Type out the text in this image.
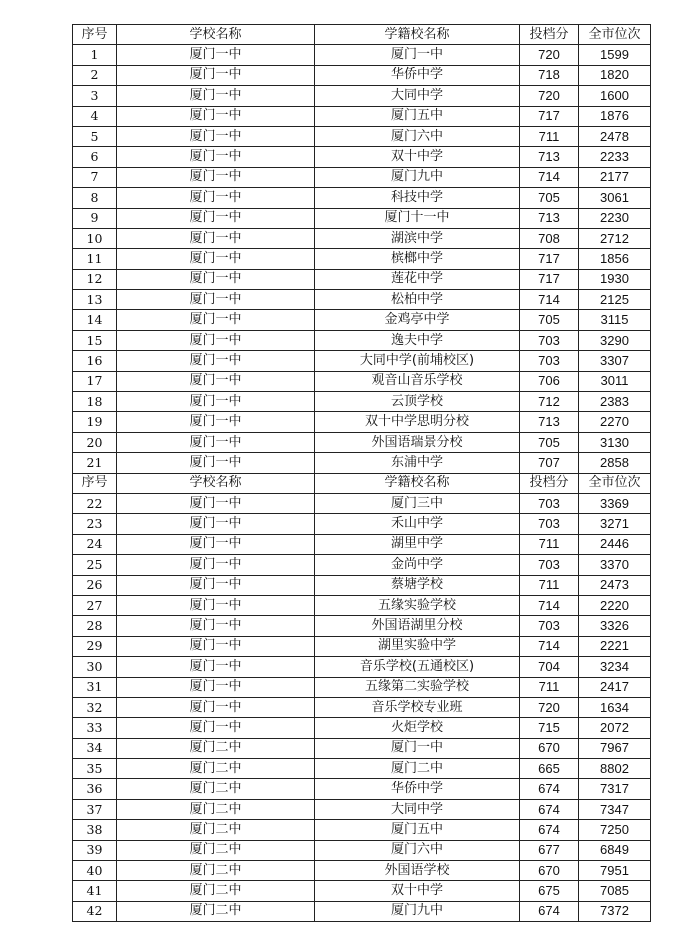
序号	学校名称	学籍校名称	投档分	全市位次
1	厦门一中	厦门一中	720	1599
2	厦门一中	华侨中学	718	1820
3	厦门一中	大同中学	720	1600
4	厦门一中	厦门五中	717	1876
5	厦门一中	厦门六中	711	2478
6	厦门一中	双十中学	713	2233
7	厦门一中	厦门九中	714	2177
8	厦门一中	科技中学	705	3061
9	厦门一中	厦门十一中	713	2230
10	厦门一中	湖滨中学	708	2712
11	厦门一中	槟榔中学	717	1856
12	厦门一中	莲花中学	717	1930
13	厦门一中	松柏中学	714	2125
14	厦门一中	金鸡亭中学	705	3115
15	厦门一中	逸夫中学	703	3290
16	厦门一中	大同中学(前埔校区)	703	3307
17	厦门一中	观音山音乐学校	706	3011
18	厦门一中	云顶学校	712	2383
19	厦门一中	双十中学思明分校	713	2270
20	厦门一中	外国语瑞景分校	705	3130
21	厦门一中	东浦中学	707	2858
序号	学校名称	学籍校名称	投档分	全市位次
22	厦门一中	厦门三中	703	3369
23	厦门一中	禾山中学	703	3271
24	厦门一中	湖里中学	711	2446
25	厦门一中	金尚中学	703	3370
26	厦门一中	蔡塘学校	711	2473
27	厦门一中	五缘实验学校	714	2220
28	厦门一中	外国语湖里分校	703	3326
29	厦门一中	湖里实验中学	714	2221
30	厦门一中	音乐学校(五通校区)	704	3234
31	厦门一中	五缘第二实验学校	711	2417
32	厦门一中	音乐学校专业班	720	1634
33	厦门一中	火炬学校	715	2072
34	厦门二中	厦门一中	670	7967
35	厦门二中	厦门二中	665	8802
36	厦门二中	华侨中学	674	7317
37	厦门二中	大同中学	674	7347
38	厦门二中	厦门五中	674	7250
39	厦门二中	厦门六中	677	6849
40	厦门二中	外国语学校	670	7951
41	厦门二中	双十中学	675	7085
42	厦门二中	厦门九中	674	7372
